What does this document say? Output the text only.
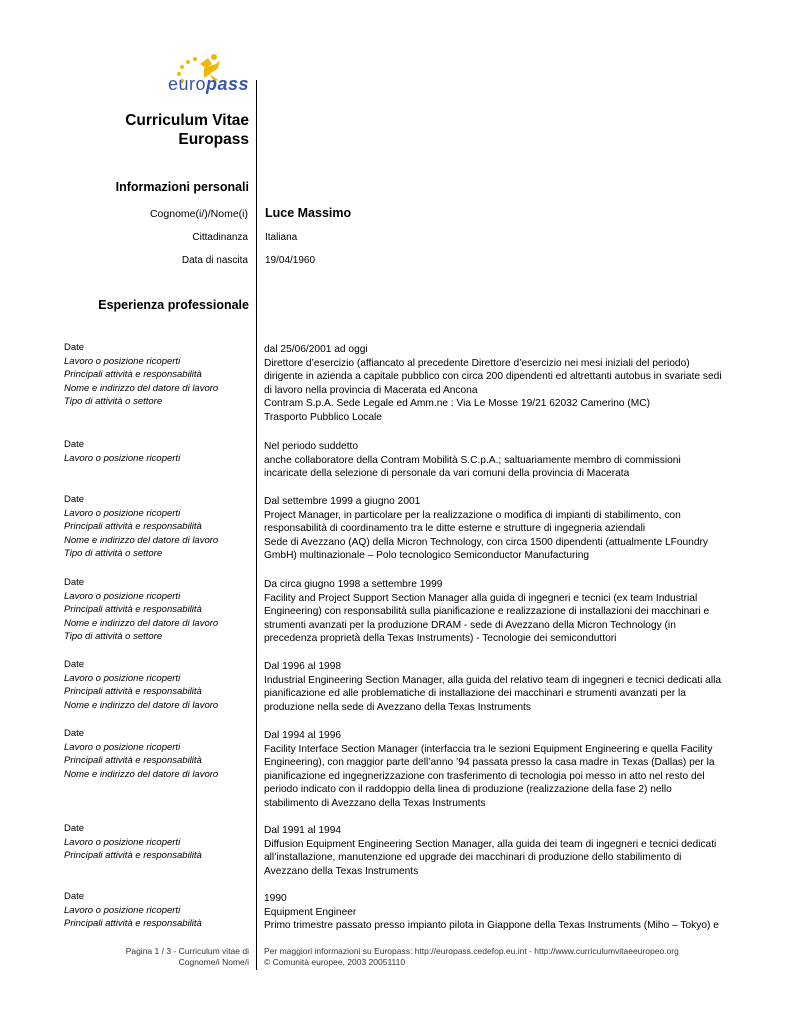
europass
Curriculum Vitae
Europass
Informazioni personali
Cognome(i/)/Nome(i) Luce Massimo
Cittadinanza Italiana
Data di nascita 19/04/1960
Esperienza professionale
Date
Lavoro o posizione ricoperti
Principali attività e responsabilità
Nome e indirizzo del datore di lavoro
Tipo di attività o settore
dal 25/06/2001 ad oggi
Direttore d’esercizio (affiancato al precedente Direttore d’esercizio nei mesi iniziali del periodo)
dirigente in azienda a capitale pubblico con circa 200 dipendenti ed altrettanti autobus in svariate sedi
di lavoro nella provincia di Macerata ed Ancona
Contram S.p.A. Sede Legale ed Amm.ne : Via Le Mosse 19/21 62032 Camerino (MC)
Trasporto Pubblico Locale
Date
Lavoro o posizione ricoperti
Nel periodo suddetto
anche collaboratore della Contram Mobilità S.C.p.A.; saltuariamente membro di commissioni
incaricate della selezione di personale da vari comuni della provincia di Macerata
Date
Lavoro o posizione ricoperti
Principali attività e responsabilità
Nome e indirizzo del datore di lavoro
Tipo di attività o settore
Dal settembre 1999 a giugno 2001
Project Manager, in particolare per la realizzazione o modifica di impianti di stabilimento, con
responsabilità di coordinamento tra le ditte esterne e strutture di ingegneria aziendali
Sede di Avezzano (AQ) della Micron Technology, con circa 1500 dipendenti (attualmente LFoundry
GmbH) multinazionale – Polo tecnologico Semiconductor Manufacturing
Date
Lavoro o posizione ricoperti
Principali attività e responsabilità
Nome e indirizzo del datore di lavoro
Tipo di attività o settore
Da circa giugno 1998 a settembre 1999
Facility and Project Support Section Manager alla guida di ingegneri e tecnici (ex team Industrial
Engineering) con responsabilità sulla pianificazione e realizzazione di installazioni dei macchinari e
strumenti avanzati per la produzione DRAM - sede di Avezzano della Micron Technology (in
precedenza proprietà della Texas Instruments) - Tecnologie dei semiconduttori
Date
Lavoro o posizione ricoperti
Principali attività e responsabilità
Nome e indirizzo del datore di lavoro
Dal 1996 al 1998
Industrial Engineering Section Manager, alla guida del relativo team di ingegneri e tecnici dedicati alla
pianificazione ed alle problematiche di installazione dei macchinari e strumenti avanzati per la
produzione nella sede di Avezzano della Texas Instruments
Date
Lavoro o posizione ricoperti
Principali attività e responsabilità
Nome e indirizzo del datore di lavoro
Dal 1994 al 1996
Facility Interface Section Manager (interfaccia tra le sezioni Equipment Engineering e quella Facility
Engineering), con maggior parte dell’anno ’94 passata presso la casa madre in Texas (Dallas) per la
pianificazione ed ingegnerizzazione con trasferimento di tecnologia poi messo in atto nel resto del
periodo indicato con il raddoppio della linea di produzione (realizzazione della fase 2) nello
stabilimento di Avezzano della Texas Instruments
Date
Lavoro o posizione ricoperti
Principali attività e responsabilità
Dal 1991 al 1994
Diffusion Equipment Engineering Section Manager, alla guida dei team di ingegneri e tecnici dedicati
all’installazione, manutenzione ed upgrade dei macchinari di produzione dello stabilimento di
Avezzano della Texas Instruments
Date
Lavoro o posizione ricoperti
Principali attività e responsabilità
1990
Equipment Engineer
Primo trimestre passato presso impianto pilota in Giappone della Texas Instruments (Miho – Tokyo) e
Pagina 1 / 3 - Curriculum vitae di
Cognome/i Nome/i
Per maggiori informazioni su Europass: http://europass.cedefop.eu.int - http://www.curriculumvitaeeuropeo.org
© Comunità europee, 2003 20051110
